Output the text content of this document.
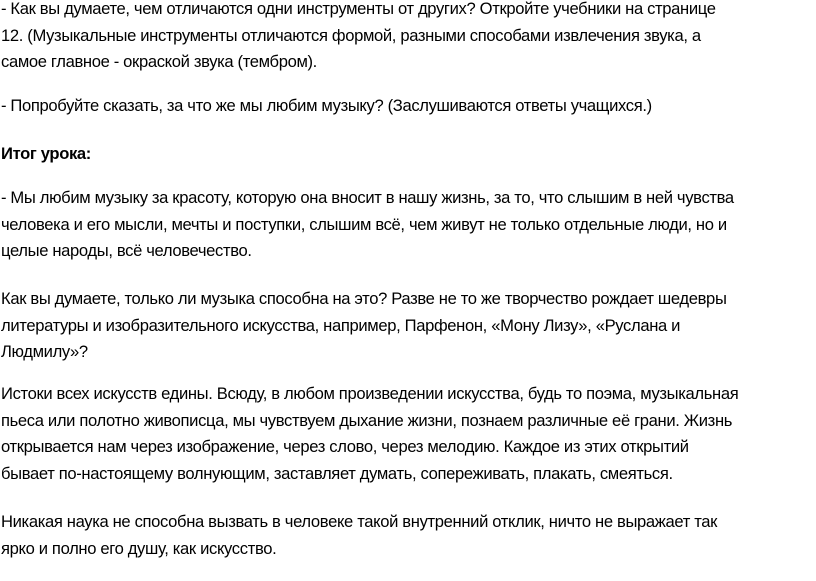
- Как вы думаете, чем отличаются одни инструменты от других? Откройте учебники на странице
12. (Музыкальные инструменты отличаются формой, разными способами извлечения звука, а
самое главное - окраской звука (тембром).

- Попробуйте сказать, за что же мы любим музыку? (Заслушиваются ответы учащихся.)

Итог урока:

- Мы любим музыку за красоту, которую она вносит в нашу жизнь, за то, что слышим в ней чувства
человека и его мысли, мечты и поступки, слышим всё, чем живут не только отдельные люди, но и
целые народы, всё человечество.

Как вы думаете, только ли музыка способна на это? Разве не то же творчество рождает шедевры
литературы и изобразительного искусства, например, Парфенон, «Мону Лизу», «Руслана и
Людмилу»?

Истоки всех искусств едины. Всюду, в любом произведении искусства, будь то поэма, музыкальная
пьеса или полотно живописца, мы чувствуем дыхание жизни, познаем различные её грани. Жизнь
открывается нам через изображение, через слово, через мелодию. Каждое из этих открытий
бывает по-настоящему волнующим, заставляет думать, сопереживать, плакать, смеяться.

Никакая наука не способна вызвать в человеке такой внутренний отклик, ничто не выражает так
ярко и полно его душу, как искусство.
